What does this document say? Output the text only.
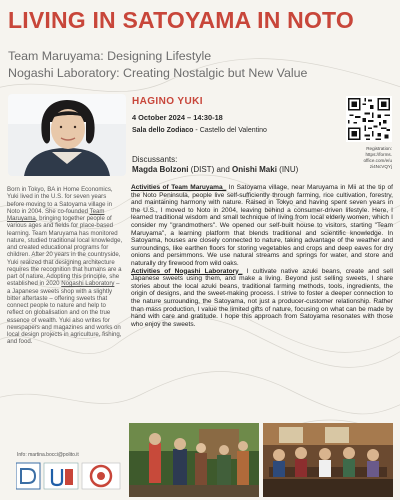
LIVING IN SATOYAMA IN NOTO
Team Maruyama: Designing Lifestyle
Nogashi Laboratory: Creating Nostalgic but New Value
HAGINO YUKI
4 October 2024 – 14:30-18
Sala dello Zodiaco - Castello del Valentino
Registration:
https://forms.
office.com/e/u
zi4NcVQYj
Discussants:
Magda Bolzoni (DIST) and Onishi Maki (INU)
Born in Tokyo, BA in Home Economics, Yuki lived in the U.S. for seven years before moving to a Satoyama village in Noto in 2004. She co-founded Team Maruyama, bringing together people of various ages and fields for place-based learning. Team Maruyama has monitored nature, studied traditional local knowledge, and created educational programs for children. After 20 years in the countryside, Yuki realized that designing architecture requires the recognition that humans are a part of nature. Adopting this principle, she established in 2020 Nogashi Laboratory – a Japanese sweets shop with a slightly bitter aftertaste – offering sweets that connect people to nature and help to reflect on globalisation and on the true essence of wealth. Yuki also writes for newspapers and magazines and works on local design projects in agriculture, fishing, and food.

Activities of Team Maruyama_ In Satoyama village, near Maruyama in Mii at the tip of the Noto Peninsula, people live self-sufficiently through farming, rice cultivation, forestry, and maintaining harmony with nature. Raised in Tokyo and having spent seven years in the U.S., I moved to Noto in 2004, leaving behind a consumer-driven lifestyle. Here, I learned traditional wisdom and small technique of living from local elderly women, which I consider my "grandmothers". We opened our self-built house to visitors, starting "Team Maruyama", a learning platform that blends traditional and scientific knowledge. In Satoyama, houses are closely connected to nature, taking advantage of the weather and surroundings, like earthen floors for storing vegetables and crops and deep eaves for dry onions and persimmons. We use natural streams and springs for water, and store and naturally dry firewood from wild oaks.

Activities of Nogashi Laboratory_ I cultivate native azuki beans, create and sell Japanese sweets using them, and make a living. Beyond just selling sweets, I share stories about the local azuki beans, traditional farming methods, tools, ingredients, the origin of designs, and the sweet-making process. I strive to foster a deeper connection to the nature surrounding, the Satoyama, not just a producer-customer relationship. Rather than mass production, I value the limited gifts of nature, focusing on what can be made by hand with care and gratitude. I hope this approach from Satoyama resonates with those who enjoy the sweets.

Info: martina.bocci@polito.it
